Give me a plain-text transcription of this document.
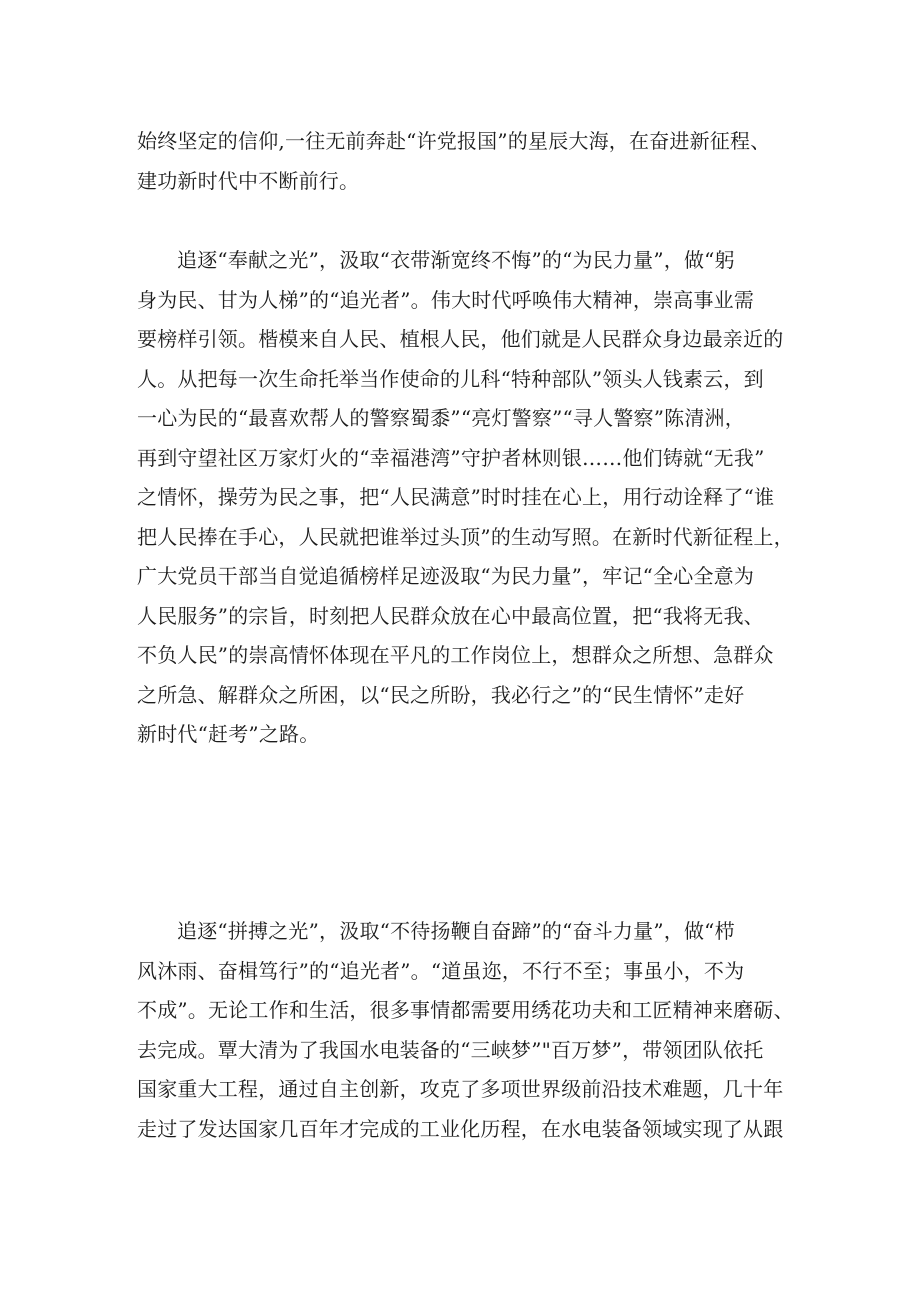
始终坚定的信仰,一往无前奔赴“许党报国”的星辰大海，在奋进新征程、
建功新时代中不断前行。
追逐“奉献之光”，汲取“衣带渐宽终不悔”的“为民力量”，做“躬
身为民、甘为人梯”的“追光者”。伟大时代呼唤伟大精神，崇高事业需
要榜样引领。楷模来自人民、植根人民，他们就是人民群众身边最亲近的
人。从把每一次生命托举当作使命的儿科“特种部队”领头人钱素云，到
一心为民的“最喜欢帮人的警察蜀黍”“亮灯警察”“寻人警察”陈清洲，
再到守望社区万家灯火的“幸福港湾”守护者林则银……他们铸就“无我”
之情怀，操劳为民之事，把“人民满意”时时挂在心上，用行动诠释了“谁
把人民捧在手心，人民就把谁举过头顶”的生动写照。在新时代新征程上，
广大党员干部当自觉追循榜样足迹汲取“为民力量”，牢记“全心全意为
人民服务”的宗旨，时刻把人民群众放在心中最高位置，把“我将无我、
不负人民”的崇高情怀体现在平凡的工作岗位上，想群众之所想、急群众
之所急、解群众之所困，以“民之所盼，我必行之”的“民生情怀”走好
新时代“赶考”之路。
追逐“拼搏之光”，汲取“不待扬鞭自奋蹄”的“奋斗力量”，做“栉
风沐雨、奋楫笃行”的“追光者”。“道虽迩，不行不至；事虽小，不为
不成”。无论工作和生活，很多事情都需要用绣花功夫和工匠精神来磨砺、
去完成。覃大清为了我国水电装备的“三峡梦”"百万梦”，带领团队依托
国家重大工程，通过自主创新，攻克了多项世界级前沿技术难题，几十年
走过了发达国家几百年才完成的工业化历程，在水电装备领域实现了从跟
